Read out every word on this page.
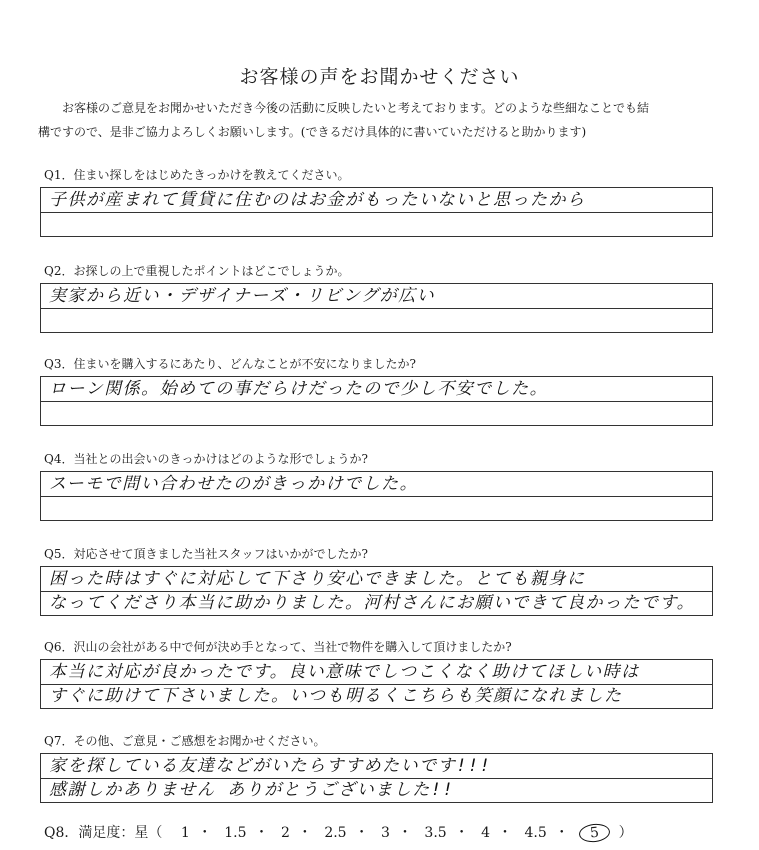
お客様の声をお聞かせください
お客様のご意見をお聞かせいただき今後の活動に反映したいと考えております。どのような些細なことでも結
構ですので、是非ご協力よろしくお願いします。(できるだけ具体的に書いていただけると助かります)
Q1．住まい探しをはじめたきっかけを教えてください。
子供が産まれて賃貸に住むのはお金がもったいないと思ったから
Q2．お探しの上で重視したポイントはどこでしょうか。
実家から近い・デザイナーズ・リビングが広い
Q3．住まいを購入するにあたり、どんなことが不安になりましたか?
ローン関係。始めての事だらけだったので少し不安でした。
Q4．当社との出会いのきっかけはどのような形でしょうか?
スーモで問い合わせたのがきっかけでした。
Q5．対応させて頂きました当社スタッフはいかがでしたか?
困った時はすぐに対応して下さり安心できました。とても親身に
なってくださり本当に助かりました。河村さんにお願いできて良かったです。
Q6．沢山の会社がある中で何が決め手となって、当社で物件を購入して頂けましたか?
本当に対応が良かったです。良い意味でしつこくなく助けてほしい時は
すぐに助けて下さいました。いつも明るくこちらも笑顔になれました
Q7．その他、ご意見・ご感想をお聞かせください。
家を探している友達などがいたらすすめたいです!!!
感謝しかありません ありがとうございました!!
Q8．満足度：星（ 1 ・ 1.5 ・ 2 ・ 2.5 ・ 3 ・ 3.5 ・ 4 ・ 4.5 ・ 5 ）
